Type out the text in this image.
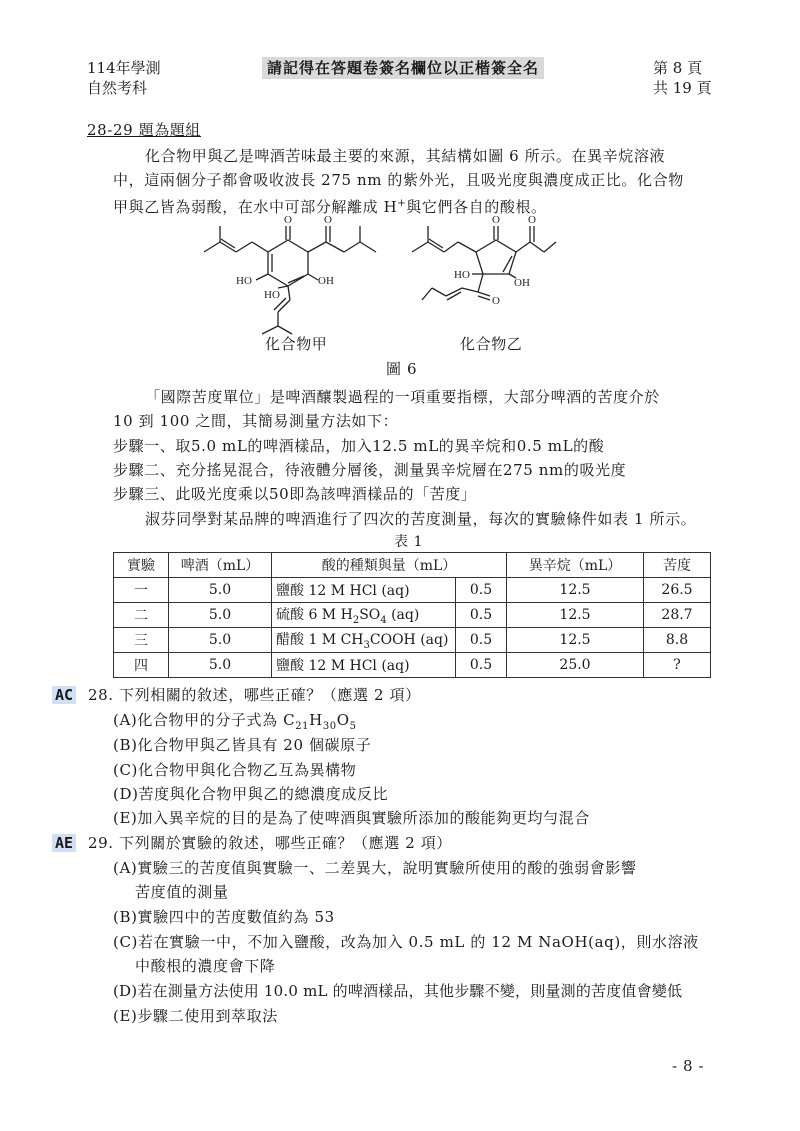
114年學測
自然考科
請記得在答題卷簽名欄位以正楷簽全名	第 8 頁
共 19 頁
28-29 題為題組
化合物甲與乙是啤酒苦味最主要的來源，其結構如圖 6 所示。在異辛烷溶液
中，這兩個分子都會吸收波長 275 nm 的紫外光，且吸光度與濃度成正比。化合物
甲與乙皆為弱酸，在水中可部分解離成 H+與它們各自的酸根。
O	O
HO	OH
HO
O	O
HO
OH
O
化合物甲	化合物乙
圖 6
「國際苦度單位」是啤酒釀製過程的一項重要指標，大部分啤酒的苦度介於
10 到 100 之間，其簡易測量方法如下：
步驟一、取5.0 mL的啤酒樣品，加入12.5 mL的異辛烷和0.5 mL的酸
步驟二、充分搖晃混合，待液體分層後，測量異辛烷層在275 nm的吸光度
步驟三、此吸光度乘以50即為該啤酒樣品的「苦度」
淑芬同學對某品牌的啤酒進行了四次的苦度測量，每次的實驗條件如表 1 所示。
表 1
實驗	啤酒（mL）	酸的種類與量（mL）		異辛烷（mL）	苦度
一	5.0	鹽酸 12 M HCl (aq)	0.5	12.5	26.5
二	5.0	硫酸 6 M $H_2SO_4$ (aq)	0.5	12.5	28.7
三	5.0	醋酸 1 M $CH_3COOH$ (aq)	0.5	12.5	8.8
四	5.0	鹽酸 12 M HCl (aq)	0.5	25.0	?
AC 28. 下列相關的敘述，哪些正確？（應選 2 項）
(A)化合物甲的分子式為 $C_{21}H_{30}O_5$
(B)化合物甲與乙皆具有 20 個碳原子
(C)化合物甲與化合物乙互為異構物
(D)苦度與化合物甲與乙的總濃度成反比
(E)加入異辛烷的目的是為了使啤酒與實驗所添加的酸能夠更均勻混合
AE 29. 下列關於實驗的敘述，哪些正確？（應選 2 項）
(A)實驗三的苦度值與實驗一、二差異大，說明實驗所使用的酸的強弱會影響
苦度值的測量
(B)實驗四中的苦度數值約為 53
(C)若在實驗一中，不加入鹽酸，改為加入 0.5 mL 的 12 M NaOH(aq)，則水溶液
中酸根的濃度會下降
(D)若在測量方法使用 10.0 mL 的啤酒樣品，其他步驟不變，則量測的苦度值會變低
(E)步驟二使用到萃取法
- 8 -
